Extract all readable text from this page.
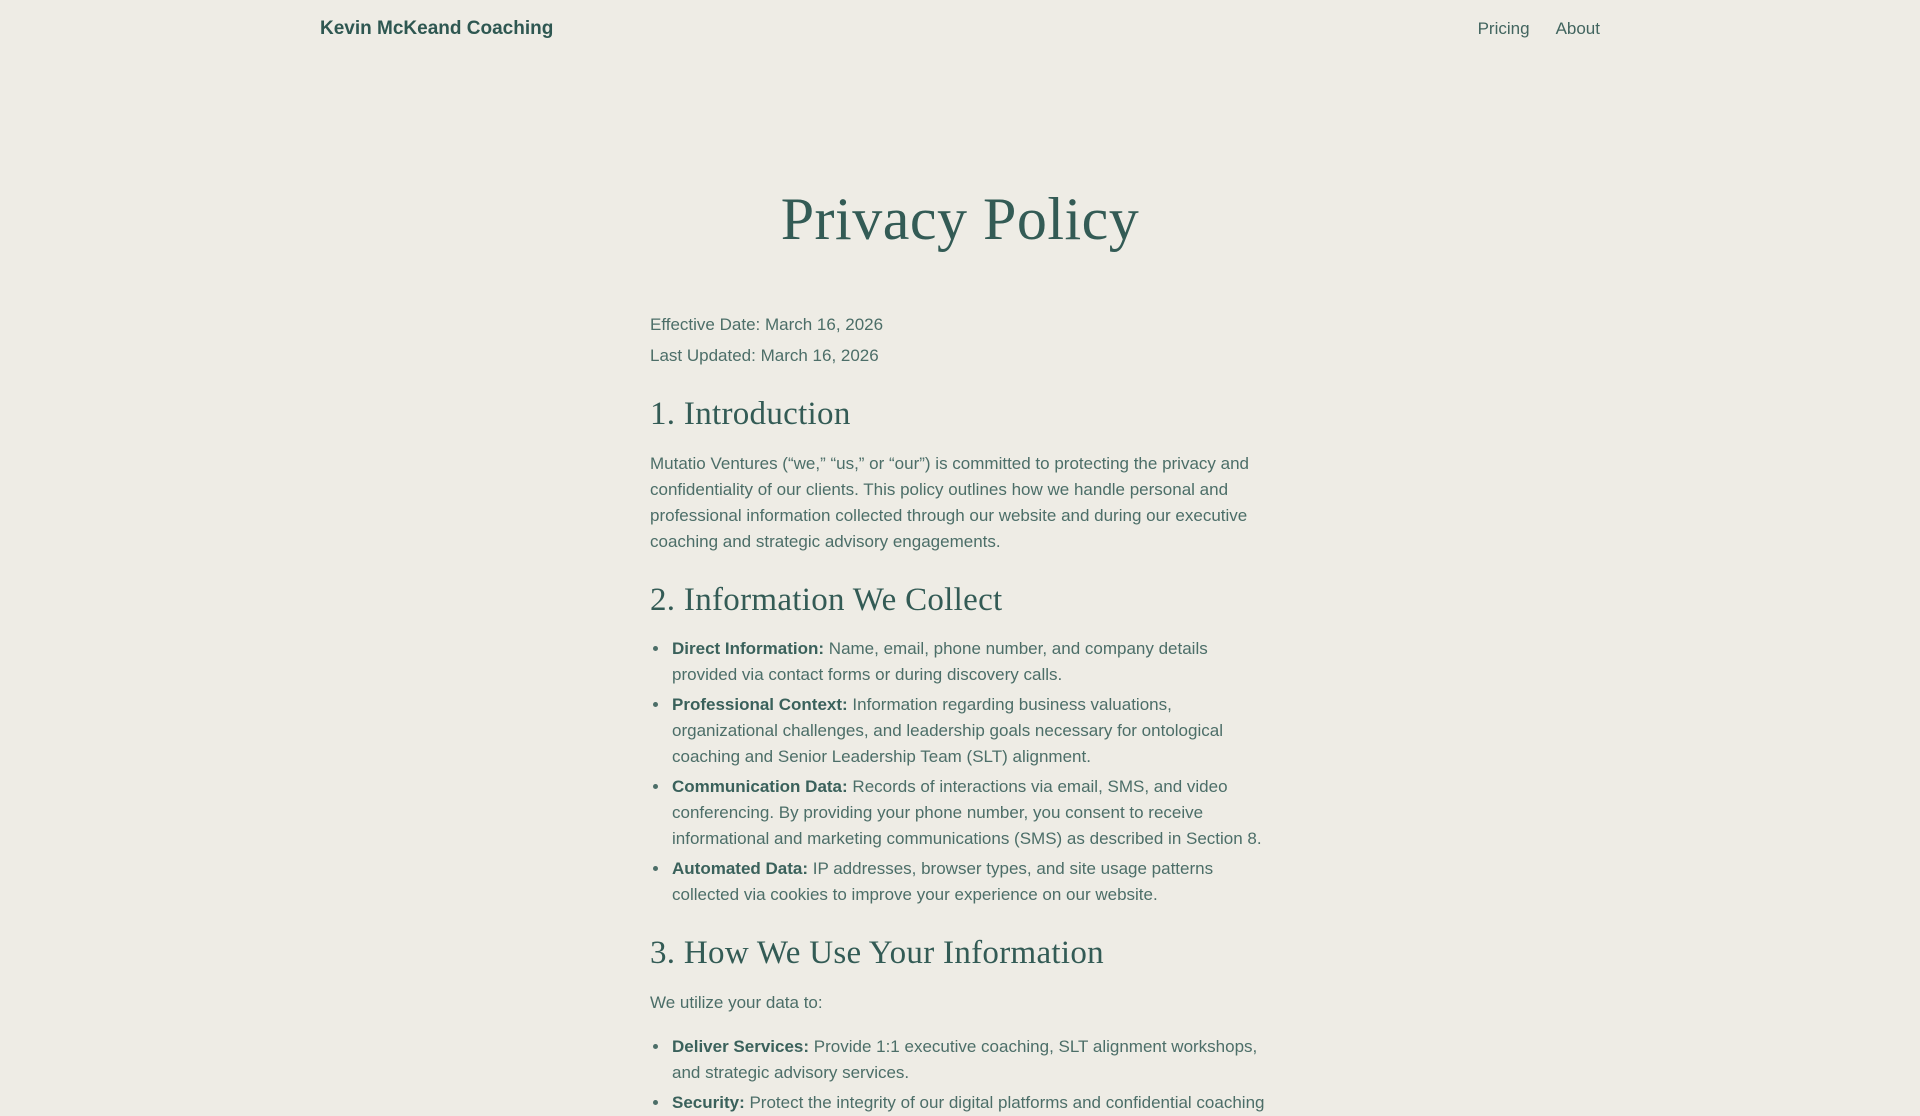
Kevin McKeand Coaching	Pricing About
Privacy Policy

Effective Date: March 16, 2026

Last Updated: March 16, 2026

1. Introduction

Mutatio Ventures (“we,” “us,” or “our”) is committed to protecting the privacy and confidentiality of our clients. This policy outlines how we handle personal and professional information collected through our website and during our executive coaching and strategic advisory engagements.

2. Information We Collect
• Direct Information: Name, email, phone number, and company details provided via contact forms or during discovery calls.
• Professional Context: Information regarding business valuations, organizational challenges, and leadership goals necessary for ontological coaching and Senior Leadership Team (SLT) alignment.
• Communication Data: Records of interactions via email, SMS, and video conferencing. By providing your phone number, you consent to receive informational and marketing communications (SMS) as described in Section 8.
• Automated Data: IP addresses, browser types, and site usage patterns collected via cookies to improve your experience on our website.
3. How We Use Your Information

We utilize your data to:

• Deliver Services: Provide 1:1 executive coaching, SLT alignment workshops, and strategic advisory services.
• Security: Protect the integrity of our digital platforms and confidential coaching
